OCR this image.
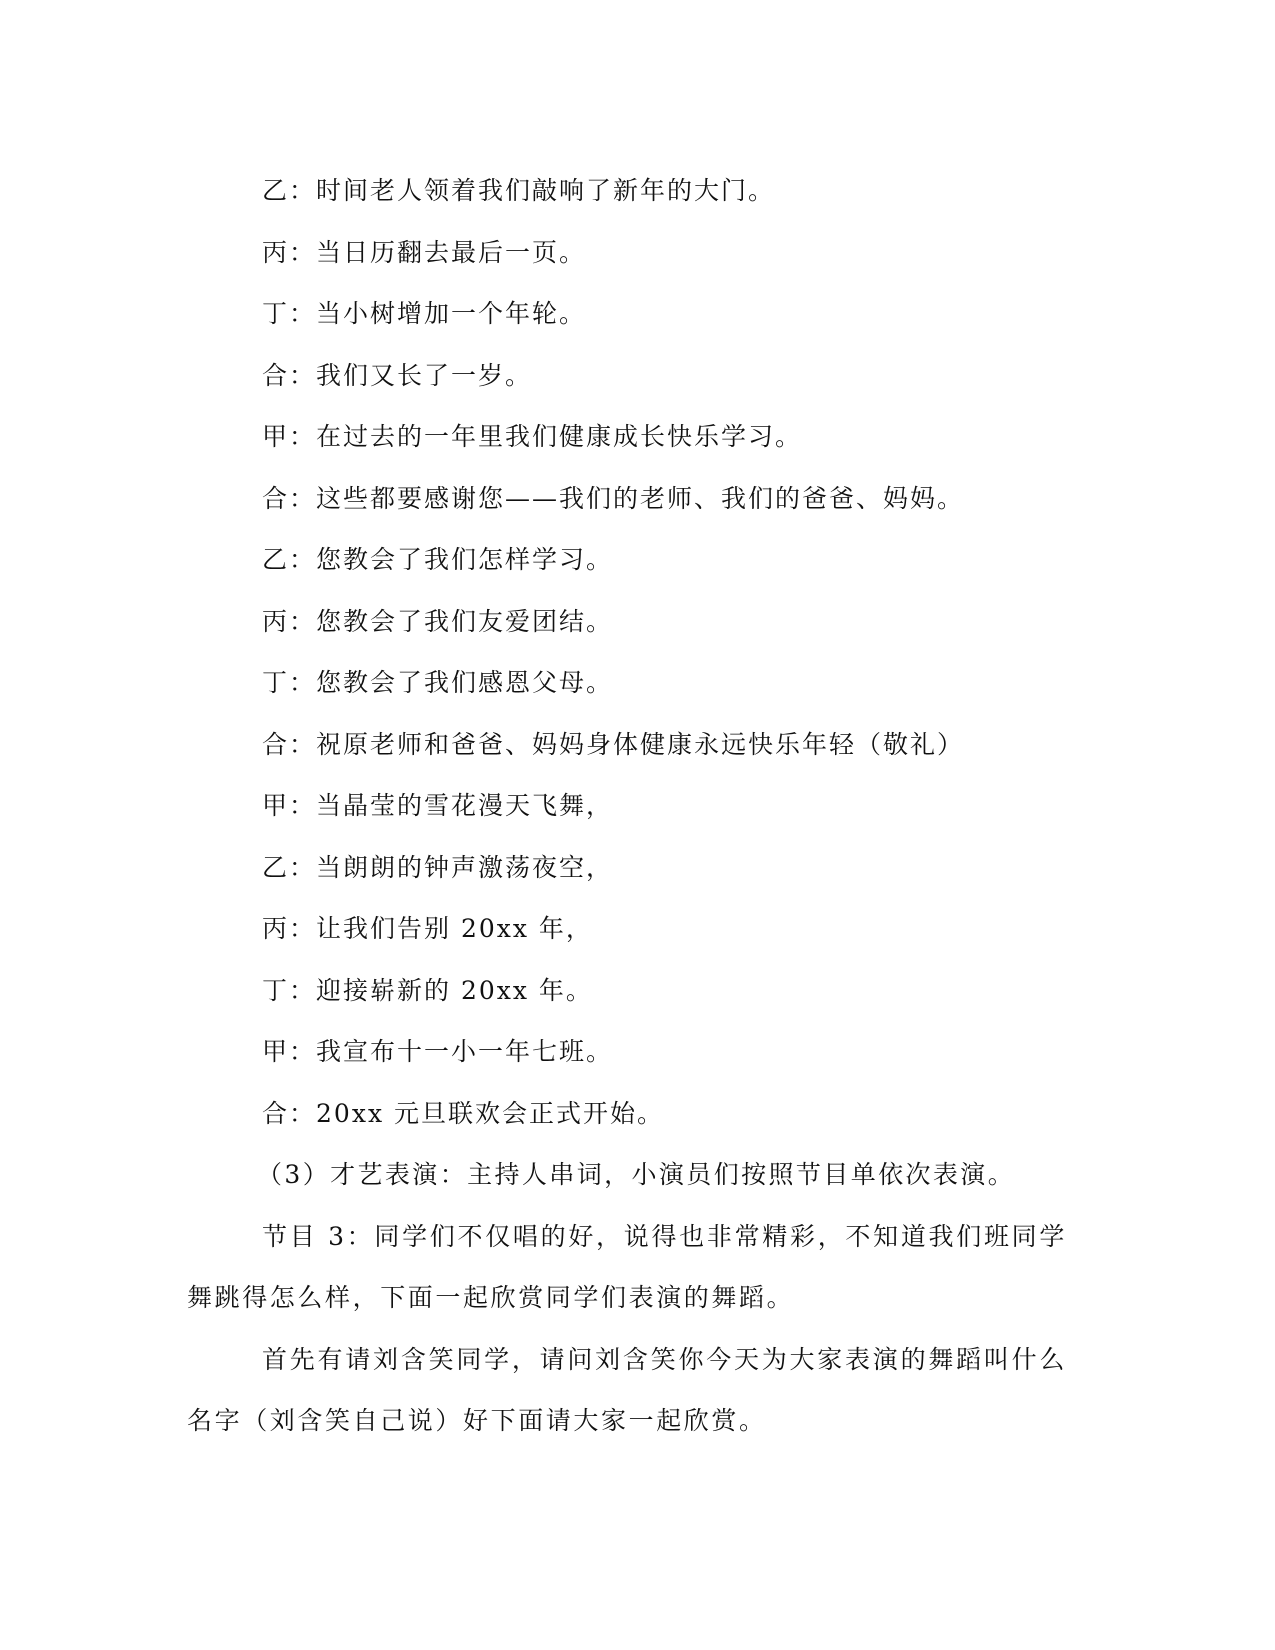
乙：时间老人领着我们敲响了新年的大门。
丙：当日历翻去最后一页。
丁：当小树增加一个年轮。
合：我们又长了一岁。
甲：在过去的一年里我们健康成长快乐学习。
合：这些都要感谢您——我们的老师、我们的爸爸、妈妈。
乙：您教会了我们怎样学习。
丙：您教会了我们友爱团结。
丁：您教会了我们感恩父母。
合：祝原老师和爸爸、妈妈身体健康永远快乐年轻（敬礼）
甲：当晶莹的雪花漫天飞舞，
乙：当朗朗的钟声激荡夜空，
丙：让我们告别 20xx 年，
丁：迎接崭新的 20xx 年。
甲：我宣布十一小一年七班。
合：20xx 元旦联欢会正式开始。
（3）才艺表演：主持人串词，小演员们按照节目单依次表演。

节目 3：同学们不仅唱的好，说得也非常精彩，不知道我们班同学舞跳得怎么样，下面一起欣赏同学们表演的舞蹈。

首先有请刘含笑同学，请问刘含笑你今天为大家表演的舞蹈叫什么名字（刘含笑自己说）好下面请大家一起欣赏。
